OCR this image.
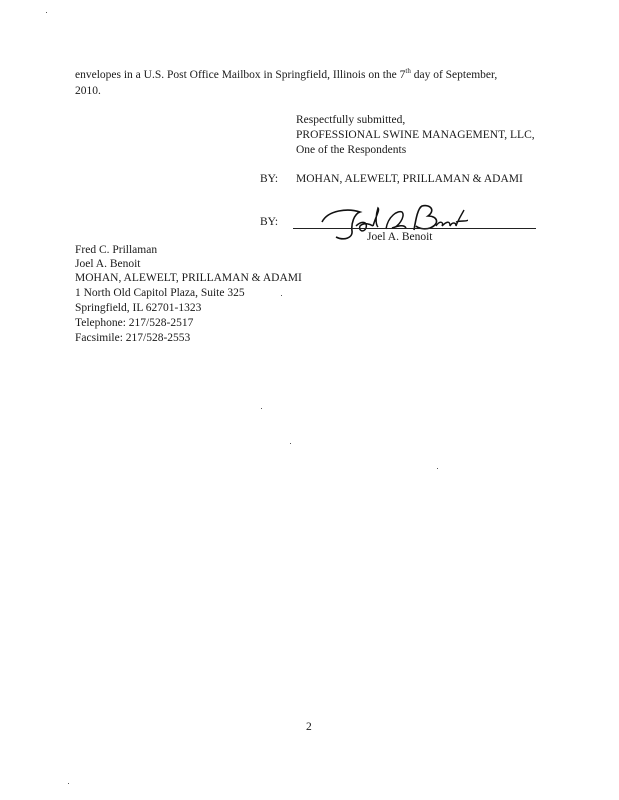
envelopes in a U.S. Post Office Mailbox in Springfield, Illinois on the 7th day of September,
2010.
Respectfully submitted,
PROFESSIONAL SWINE MANAGEMENT, LLC,
One of the Respondents
BY: MOHAN, ALEWELT, PRILLAMAN & ADAMI
BY:
Joel A. Benoit
Fred C. Prillaman
Joel A. Benoit
MOHAN, ALEWELT, PRILLAMAN & ADAMI
1 North Old Capitol Plaza, Suite 325
Springfield, IL 62701-1323
Telephone: 217/528-2517
Facsimile: 217/528-2553
2
